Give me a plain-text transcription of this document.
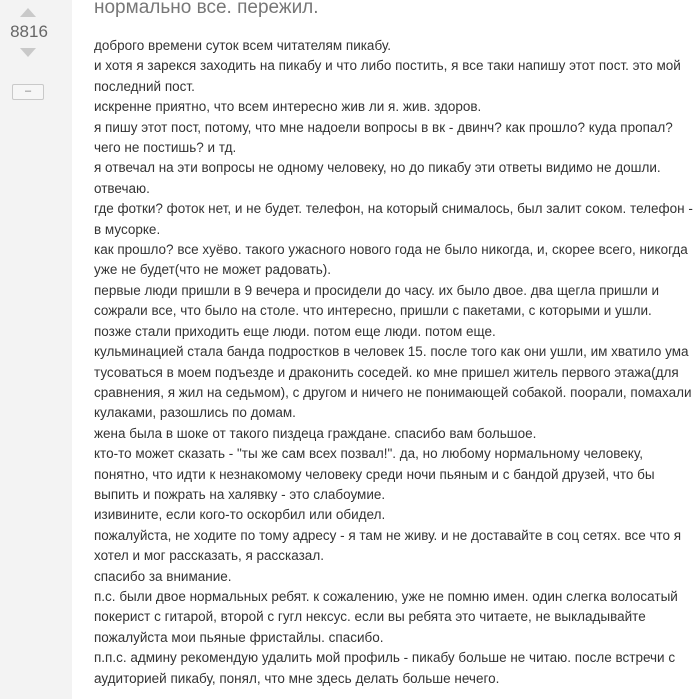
8816
–
нормально все. пережил.

доброго времени суток всем читателям пикабу.

и хотя я зарекся заходить на пикабу и что либо постить, я все таки напишу этот пост. это мой последний пост.

искренне приятно, что всем интересно жив ли я. жив. здоров.

я пишу этот пост, потому, что мне надоели вопросы в вк - двинч? как прошло? куда пропал? чего не постишь? и тд.

я отвечал на эти вопросы не одному человеку, но до пикабу эти ответы видимо не дошли. отвечаю.

где фотки? фоток нет, и не будет. телефон, на который снималось, был залит соком. телефон - в мусорке.

как прошло? все хуёво. такого ужасного нового года не было никогда, и, скорее всего, никогда уже не будет(что не может радовать).

первые люди пришли в 9 вечера и просидели до часу. их было двое. два щегла пришли и сожрали все, что было на столе. что интересно, пришли с пакетами, с которыми и ушли.

позже стали приходить еще люди. потом еще люди. потом еще.

кульминацией стала банда подростков в человек 15. после того как они ушли, им хватило ума тусоваться в моем подъезде и драконить соседей. ко мне пришел житель первого этажа(для сравнения, я жил на седьмом), с другом и ничего не понимающей собакой. поорали, помахали кулаками, разошлись по домам.

жена была в шоке от такого пиздеца граждане. спасибо вам большое.

кто-то может сказать - "ты же сам всех позвал!". да, но любому нормальному человеку, понятно, что идти к незнакомому человеку среди ночи пьяным и с бандой друзей, что бы выпить и пожрать на халявку - это слабоумие.

изивините, если кого-то оскорбил или обидел.

пожалуйста, не ходите по тому адресу - я там не живу. и не доставайте в соц сетях. все что я хотел и мог рассказать, я рассказал.

спасибо за внимание.

п.с. были двое нормальных ребят. к сожалению, уже не помню имен. один слегка волосатый покерист с гитарой, второй с гугл нексус. если вы ребята это читаете, не выкладывайте пожалуйста мои пьяные фристайлы. спасибо.

п.п.с. админу рекомендую удалить мой профиль - пикабу больше не читаю. после встречи с аудиторией пикабу, понял, что мне здесь делать больше нечего.
